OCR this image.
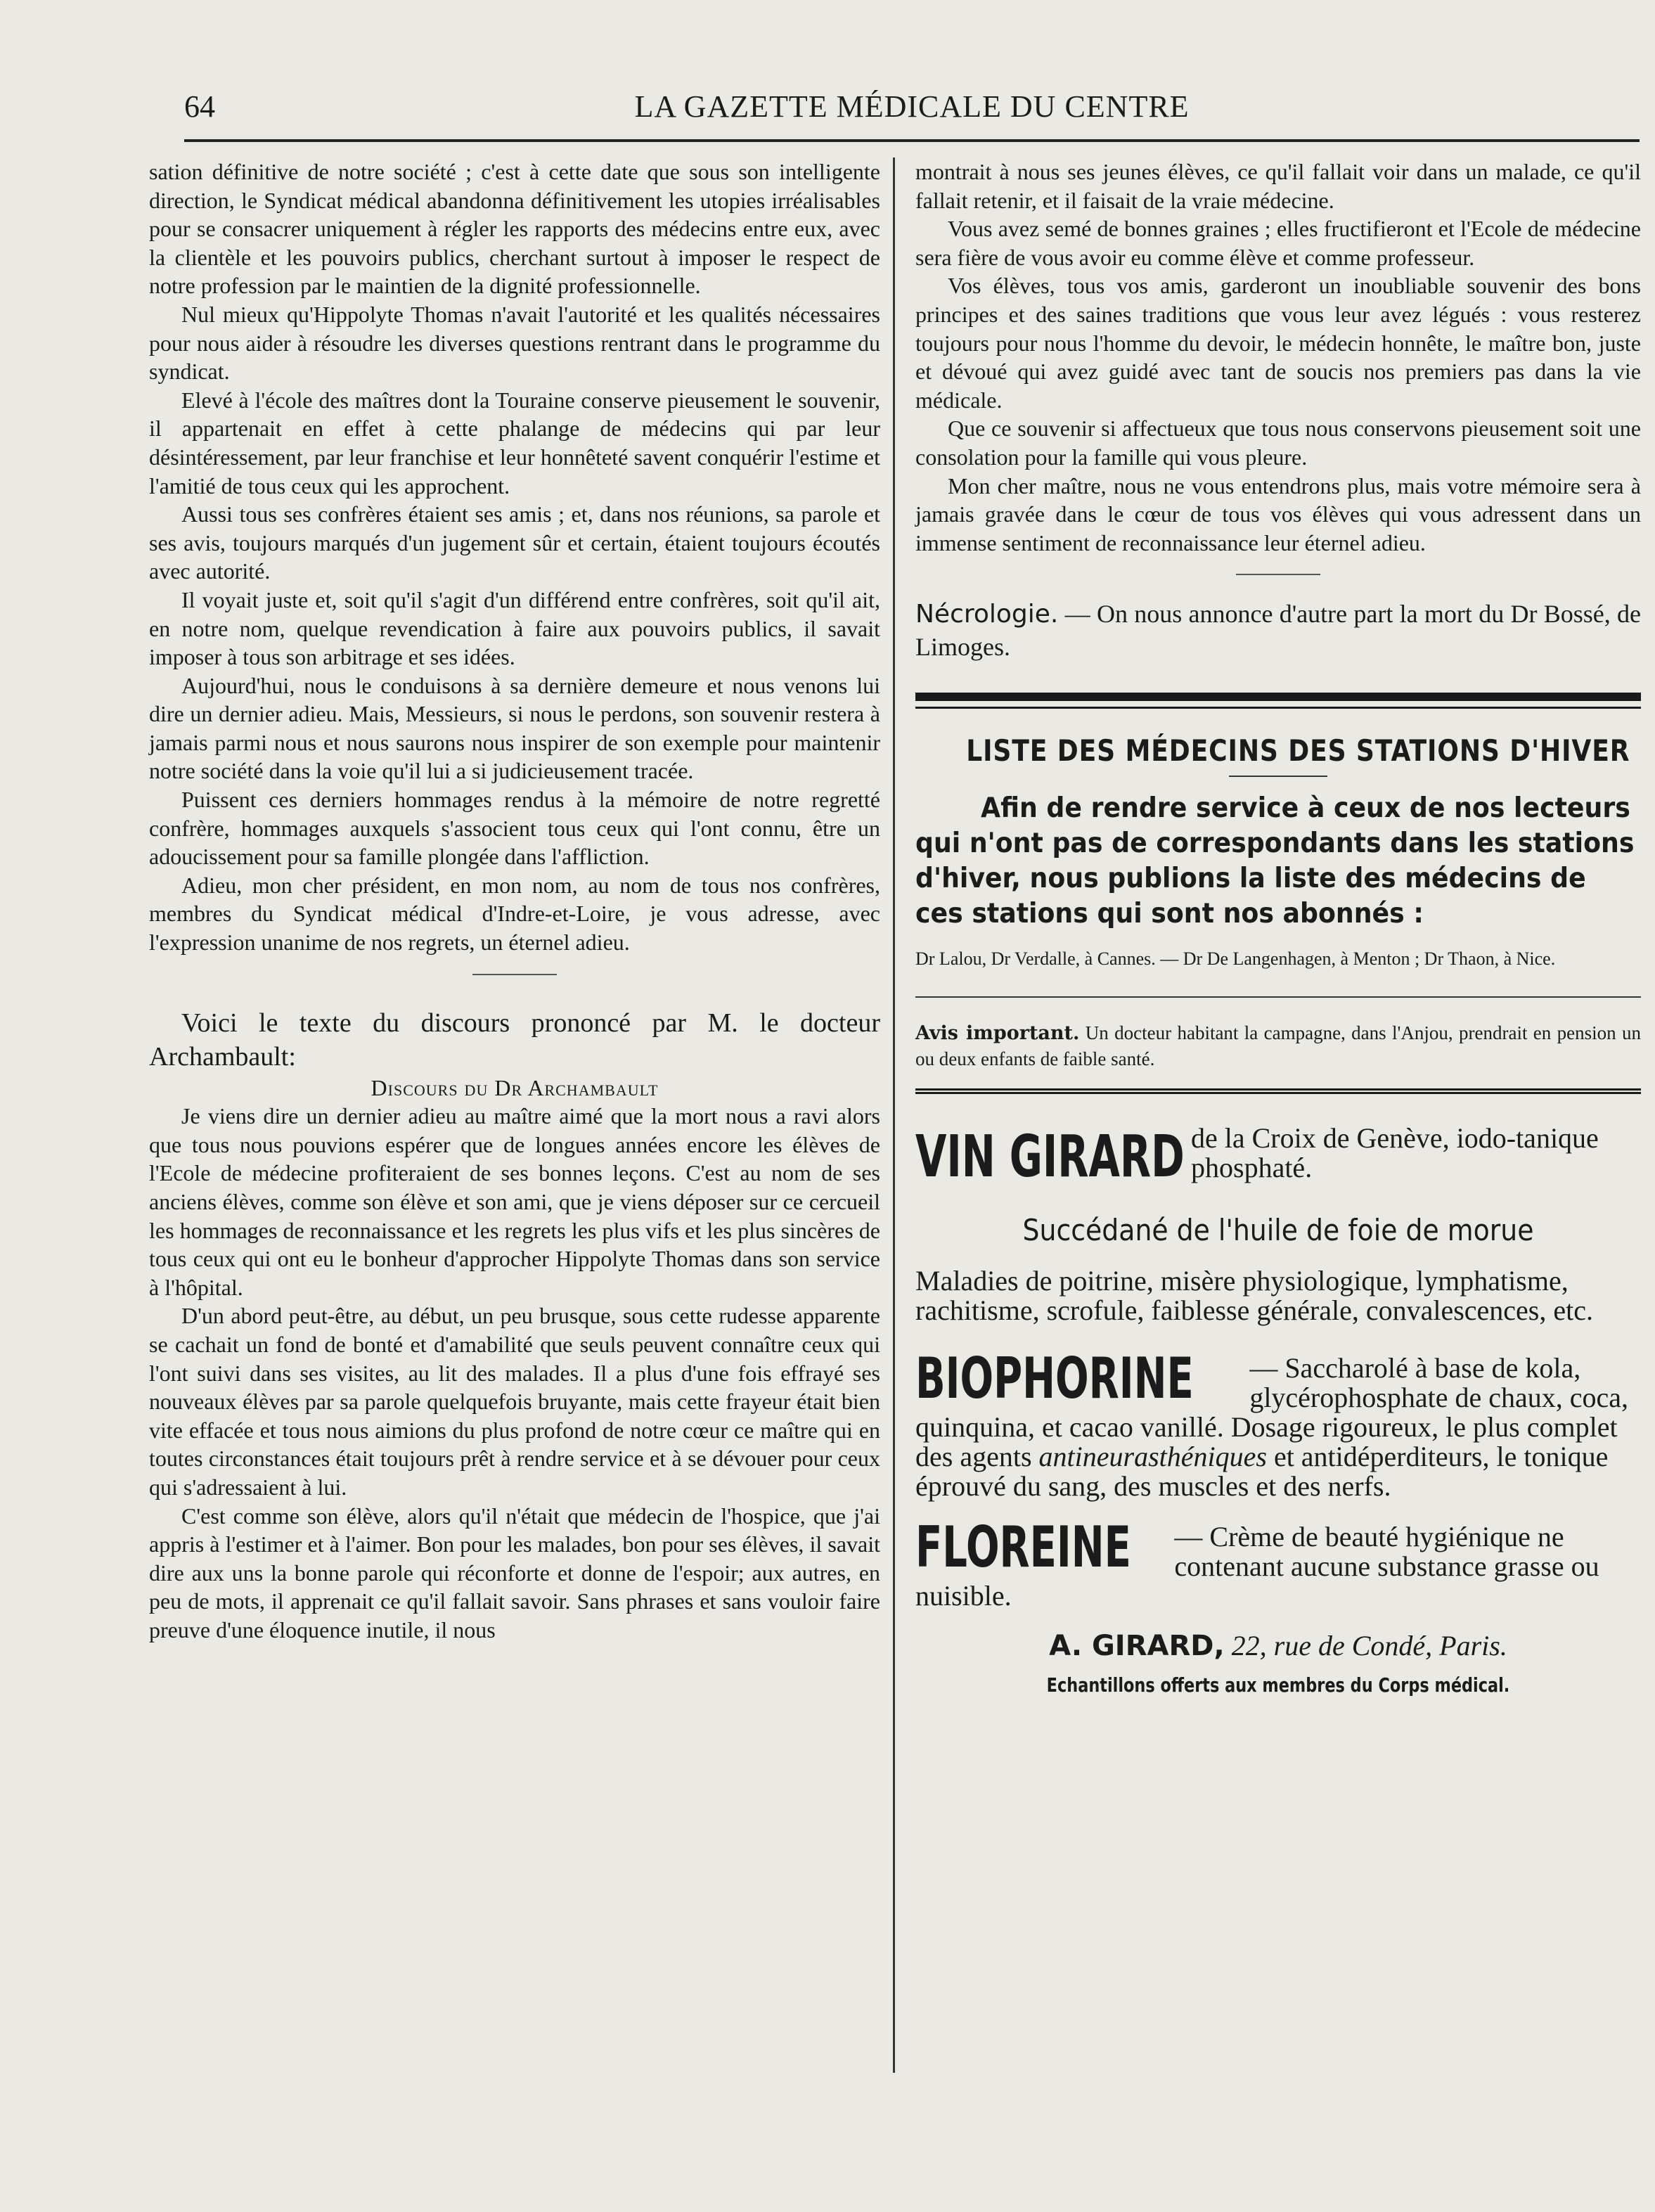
64	LA GAZETTE MÉDICALE DU CENTRE

sation définitive de notre société ; c'est à cette date que sous son intelligente direction, le Syndicat médical abandonna définitivement les utopies irréalisables pour se consacrer uniquement à régler les rapports des médecins entre eux, avec la clientèle et les pouvoirs publics, cherchant surtout à imposer le respect de notre profession par le maintien de la dignité professionnelle.

Nul mieux qu'Hippolyte Thomas n'avait l'autorité et les qualités nécessaires pour nous aider à résoudre les diverses questions rentrant dans le programme du syndicat.

Elevé à l'école des maîtres dont la Touraine conserve pieusement le souvenir, il appartenait en effet à cette phalange de médecins qui par leur désintéressement, par leur franchise et leur honnêteté savent conquérir l'estime et l'amitié de tous ceux qui les approchent.

Aussi tous ses confrères étaient ses amis ; et, dans nos réunions, sa parole et ses avis, toujours marqués d'un jugement sûr et certain, étaient toujours écoutés avec autorité.

Il voyait juste et, soit qu'il s'agit d'un différend entre confrères, soit qu'il ait, en notre nom, quelque revendication à faire aux pouvoirs publics, il savait imposer à tous son arbitrage et ses idées.

Aujourd'hui, nous le conduisons à sa dernière demeure et nous venons lui dire un dernier adieu. Mais, Messieurs, si nous le perdons, son souvenir restera à jamais parmi nous et nous saurons nous inspirer de son exemple pour maintenir notre société dans la voie qu'il lui a si judicieusement tracée.

Puissent ces derniers hommages rendus à la mémoire de notre regretté confrère, hommages auxquels s'associent tous ceux qui l'ont connu, être un adoucissement pour sa famille plongée dans l'affliction.

Adieu, mon cher président, en mon nom, au nom de tous nos confrères, membres du Syndicat médical d'Indre-et-Loire, je vous adresse, avec l'expression unanime de nos regrets, un éternel adieu.

Voici le texte du discours prononcé par M. le docteur Archambault:

Discours du Dr Archambault

Je viens dire un dernier adieu au maître aimé que la mort nous a ravi alors que tous nous pouvions espérer que de longues années encore les élèves de l'Ecole de médecine profiteraient de ses bonnes leçons. C'est au nom de ses anciens élèves, comme son élève et son ami, que je viens déposer sur ce cercueil les hommages de reconnaissance et les regrets les plus vifs et les plus sincères de tous ceux qui ont eu le bonheur d'approcher Hippolyte Thomas dans son service à l'hôpital.

D'un abord peut-être, au début, un peu brusque, sous cette rudesse apparente se cachait un fond de bonté et d'amabilité que seuls peuvent connaître ceux qui l'ont suivi dans ses visites, au lit des malades. Il a plus d'une fois effrayé ses nouveaux élèves par sa parole quelquefois bruyante, mais cette frayeur était bien vite effacée et tous nous aimions du plus profond de notre cœur ce maître qui en toutes circonstances était toujours prêt à rendre service et à se dévouer pour ceux qui s'adressaient à lui.

C'est comme son élève, alors qu'il n'était que médecin de l'hospice, que j'ai appris à l'estimer et à l'aimer. Bon pour les malades, bon pour ses élèves, il savait dire aux uns la bonne parole qui réconforte et donne de l'espoir; aux autres, en peu de mots, il apprenait ce qu'il fallait savoir. Sans phrases et sans vouloir faire preuve d'une éloquence inutile, il nous

montrait à nous ses jeunes élèves, ce qu'il fallait voir dans un malade, ce qu'il fallait retenir, et il faisait de la vraie médecine.

Vous avez semé de bonnes graines ; elles fructifieront et l'Ecole de médecine sera fière de vous avoir eu comme élève et comme professeur.

Vos élèves, tous vos amis, garderont un inoubliable souvenir des bons principes et des saines traditions que vous leur avez légués : vous resterez toujours pour nous l'homme du devoir, le médecin honnête, le maître bon, juste et dévoué qui avez guidé avec tant de soucis nos premiers pas dans la vie médicale.

Que ce souvenir si affectueux que tous nous conservons pieusement soit une consolation pour la famille qui vous pleure.

Mon cher maître, nous ne vous entendrons plus, mais votre mémoire sera à jamais gravée dans le cœur de tous vos élèves qui vous adressent dans un immense sentiment de reconnaissance leur éternel adieu.

Nécrologie. — On nous annonce d'autre part la mort du Dr Bossé, de Limoges.

LISTE DES MÉDECINS DES STATIONS D'HIVER
Afin de rendre service à ceux de nos lecteurs qui n'ont pas de correspondants dans les stations d'hiver, nous publions la liste des médecins de ces stations qui sont nos abonnés :
Dr Lalou, Dr Verdalle, à Cannes. — Dr De Langenhagen, à Menton ; Dr Thaon, à Nice.
Avis important. Un docteur habitant la campagne, dans l'Anjou, prendrait en pension un ou deux enfants de faible santé.
VIN GIRARD de la Croix de Genève, iodo-tanique phosphaté.
Succédané de l'huile de foie de morue
Maladies de poitrine, misère physiologique, lymphatisme, rachitisme, scrofule, faiblesse générale, convalescences, etc.
BIOPHORINE — Saccharolé à base de kola, glycérophosphate de chaux, coca, quinquina, et cacao vanillé. Dosage rigoureux, le plus complet des agents antineurasthéniques et antidéperditeurs, le tonique éprouvé du sang, des muscles et des nerfs.
FLOREINE — Crème de beauté hygiénique ne contenant aucune substance grasse ou nuisible.
A. GIRARD, 22, rue de Condé, Paris.
Echantillons offerts aux membres du Corps médical.
